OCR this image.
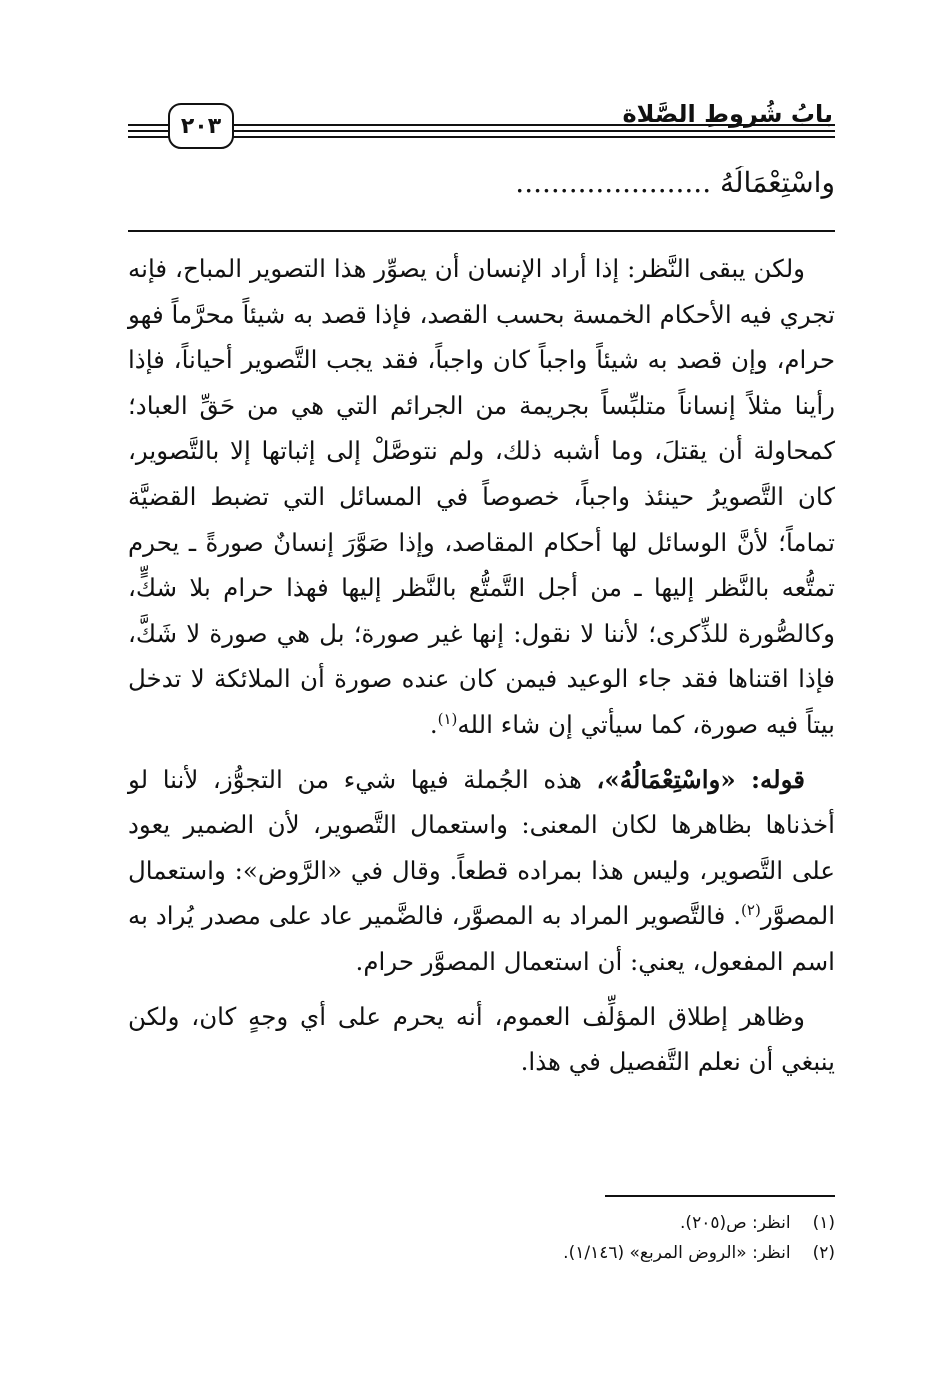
بابُ شُروطِ الصَّلاة
٢٠٣
واسْتِعْمَالُهُ ......................

ولكن يبقى النَّظر: إذا أراد الإنسان أن يصوِّر هذا التصوير المباح، فإنه تجري فيه الأحكام الخمسة بحسب القصد، فإذا قصد به شيئاً محرَّماً فهو حرام، وإن قصد به شيئاً واجباً كان واجباً، فقد يجب التَّصوير أحياناً، فإذا رأينا مثلاً إنساناً متلبِّساً بجريمة من الجرائم التي هي من حَقِّ العباد؛ كمحاولة أن يقتلَ، وما أشبه ذلك، ولم نتوصَّلْ إلى إثباتها إلا بالتَّصوير، كان التَّصويرُ حينئذ واجباً، خصوصاً في المسائل التي تضبط القضيَّة تماماً؛ لأنَّ الوسائل لها أحكام المقاصد، وإذا صَوَّرَ إنسانٌ صورةً ـ يحرم تمتُّعه بالنَّظر إليها ـ من أجل التَّمتُّع بالنَّظر إليها فهذا حرام بلا شكٍّ، وكالصُّورة للذِّكرى؛ لأننا لا نقول: إنها غير صورة؛ بل هي صورة لا شَكَّ، فإذا اقتناها فقد جاء الوعيد فيمن كان عنده صورة أن الملائكة لا تدخل بيتاً فيه صورة، كما سيأتي إن شاء الله$^{(١)}$.

قوله: «واسْتِعْمَالُهُ»، هذه الجُملة فيها شيء من التجوُّز، لأننا لو أخذناها بظاهرها لكان المعنى: واستعمال التَّصوير، لأن الضمير يعود على التَّصوير، وليس هذا بمراده قطعاً. وقال في «الرَّوض»: واستعمال المصوَّر$^{(٢)}$. فالتَّصوير المراد به المصوَّر، فالضَّمير عاد على مصدر يُراد به اسم المفعول، يعني: أن استعمال المصوَّر حرام.

وظاهر إطلاق المؤلِّف العموم، أنه يحرم على أي وجهٍ كان، ولكن ينبغي أن نعلم التَّفصيل في هذا.

(١)
انظر: ص(٢٠٥).
(٢)
انظر: «الروض المربع» (١/١٤٦).
